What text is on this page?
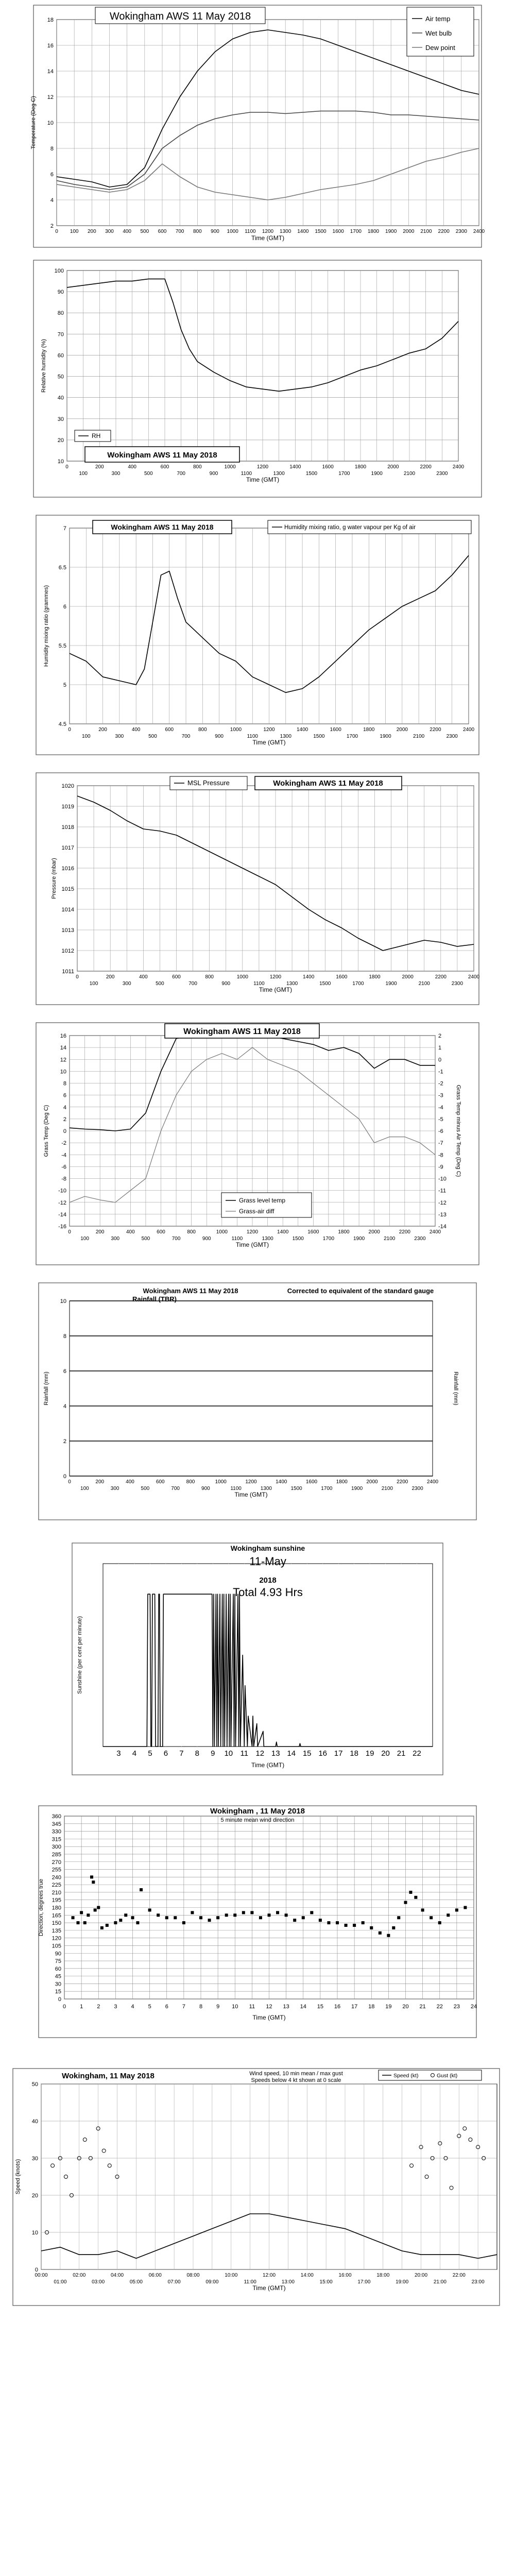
2
4
6
8
10
12
14
16
18
0 100 200 300 400 500 600 700 800 900 1000 1100 1200 1300 1400 1500 1600 1700 1800 1900 2000 2100 2200 2300 2400
Time (GMT)
Temperature (Deg C)
Wokingham AWS 11 May 2018	Air temp
Wet bulb
Dew point
10
20
30
40
50
60
70
80
90
100
0
100
200
300
400
500
600
700
800
900
1000
1100
1200
1300
1400
1500
1600
1700
1800
1900
2000
2100
2200
2300
2400
Time (GMT)
Relative humidity (%)
RH
Wokingham AWS 11 May 2018
4.5
5
5.5
6
6.5
7
0
100
200
300
400
500
600
700
800
900
1000
1100
1200
1300
1400
1500
1600
1700
1800
1900
2000
2100
2200
2300
2400
Time (GMT)
Humidity mixing ratio (grammes)
Wokingham AWS 11 May 2018	Humidity mixing ratio, g water vapour per Kg of air
1011
1012
1013
1014
1015
1016
1017
1018
1019
1020
0
100
200
300
400
500
600
700
800
900
1000
1100
1200
1300
1400
1500
1600
1700
1800
1900
2000
2100
2200
2300
2400
Time (GMT)
Pressure (mbar)
MSL Pressure	Wokingham AWS 11 May 2018
-16
-14
-12
-10
-8
-6
-4
-2
0
2
4
6
8
10
12
14
16
-14
-13
-12
-11
-10
-9
-8
-7
-6
-5
-4
-3
-2
-1
0
1
2
0
100
200
300
400
500
600
700
800
900
1000
1100
1200
1300
1400
1500
1600
1700
1800
1900
2000
2100
2200
2300
2400
Time (GMT)
Grass Temp (Deg C)	Grass Temp minus Air Temp (Deg C)
Wokingham AWS 11 May 2018
Grass level temp
Grass-air diff
0
2
4
6
8
10
0
100
200
300
400
500
600
700
800
900
1000
1100
1200
1300
1400
1500
1600
1700
1800
1900
2000
2100
2200
2300
2400
Time (GMT)
Rainfall (mm)	Rainfall (mm)
Wokingham AWS 11 May 2018
Rainfall (TBR)
Corrected to equivalent of the standard gauge
3 4 5 6 7 8 9 10 11 12 13 14 15 16 17 18 19 20 21 22
Time (GMT)
Sunshine (per cent per minute)
Wokingham sunshine
11-May
2018
Total 4.93 Hrs
0
15
30
45
60
75
90
105
120
135
150
165
180
195
210
225
240
255
270
285
300
315
330
345
360
0 1 2 3 4 5 6 7 8 9 10 11 12 13 14 15 16 17 18 19 20 21 22 23 24
Time (GMT)
Direction, degrees true
Wokingham , 11 May 2018
5 minute mean wind direction
0
10
20
30
40
50
00:00
01:00
02:00
03:00
04:00
05:00
06:00
07:00
08:00
09:00
10:00
11:00
12:00
13:00
14:00
15:00
16:00
17:00
18:00
19:00
20:00
21:00
22:00
23:00
Time (GMT)
Speed (knots)
Wokingham, 11 May 2018	Wind speed, 10 min mean / max gust
Speeds below 4 kt shown at 0 scale
Speed (kt)	Gust (kt)
